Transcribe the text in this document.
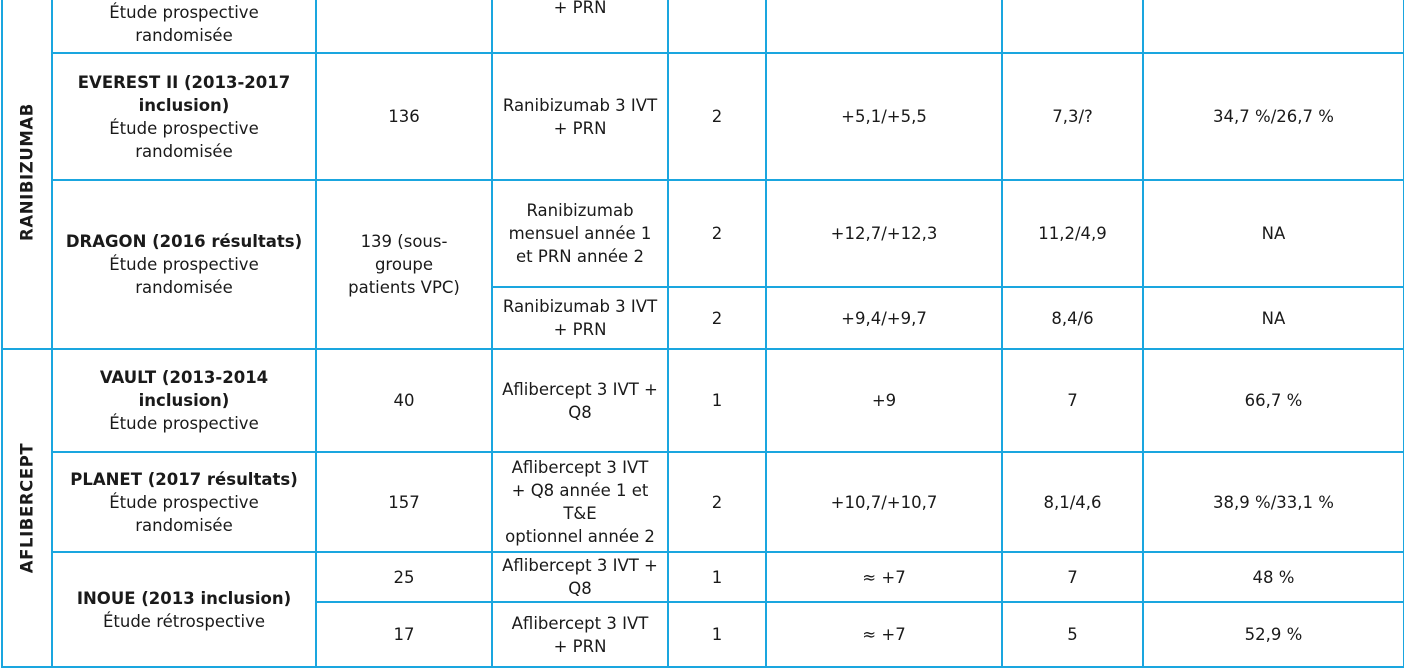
RANIBIZUMAB	Étude prospective
randomisée		+ PRN				

	EVEREST II (2013-2017
inclusion)
Étude prospective
randomisée	136	Ranibizumab 3 IVT
+ PRN	2	+5,1/+5,5	7,3/?	34,7 %/26,7 %

	DRAGON (2016 résultats)
Étude prospective
randomisée	139 (sous-
groupe
patients VPC)	Ranibizumab
mensuel année 1
et PRN année 2	2	+12,7/+12,3	11,2/4,9	NA

			Ranibizumab 3 IVT
+ PRN	2	+9,4/+9,7	8,4/6	NA

AFLIBERCEPT	VAULT (2013-2014
inclusion)
Étude prospective	40	Aflibercept 3 IVT + Q8	1	+9	7	66,7 %

	PLANET (2017 résultats)
Étude prospective
randomisée	157	Aflibercept 3 IVT
+ Q8 année 1 et T&E
optionnel année 2	2	+10,7/+10,7	8,1/4,6	38,9 %/33,1 %

	INOUE (2013 inclusion)
Étude rétrospective	25	Aflibercept 3 IVT + Q8	1	≈ +7	7	48 %
		17	Aflibercept 3 IVT
+ PRN	1	≈ +7	5	52,9 %
